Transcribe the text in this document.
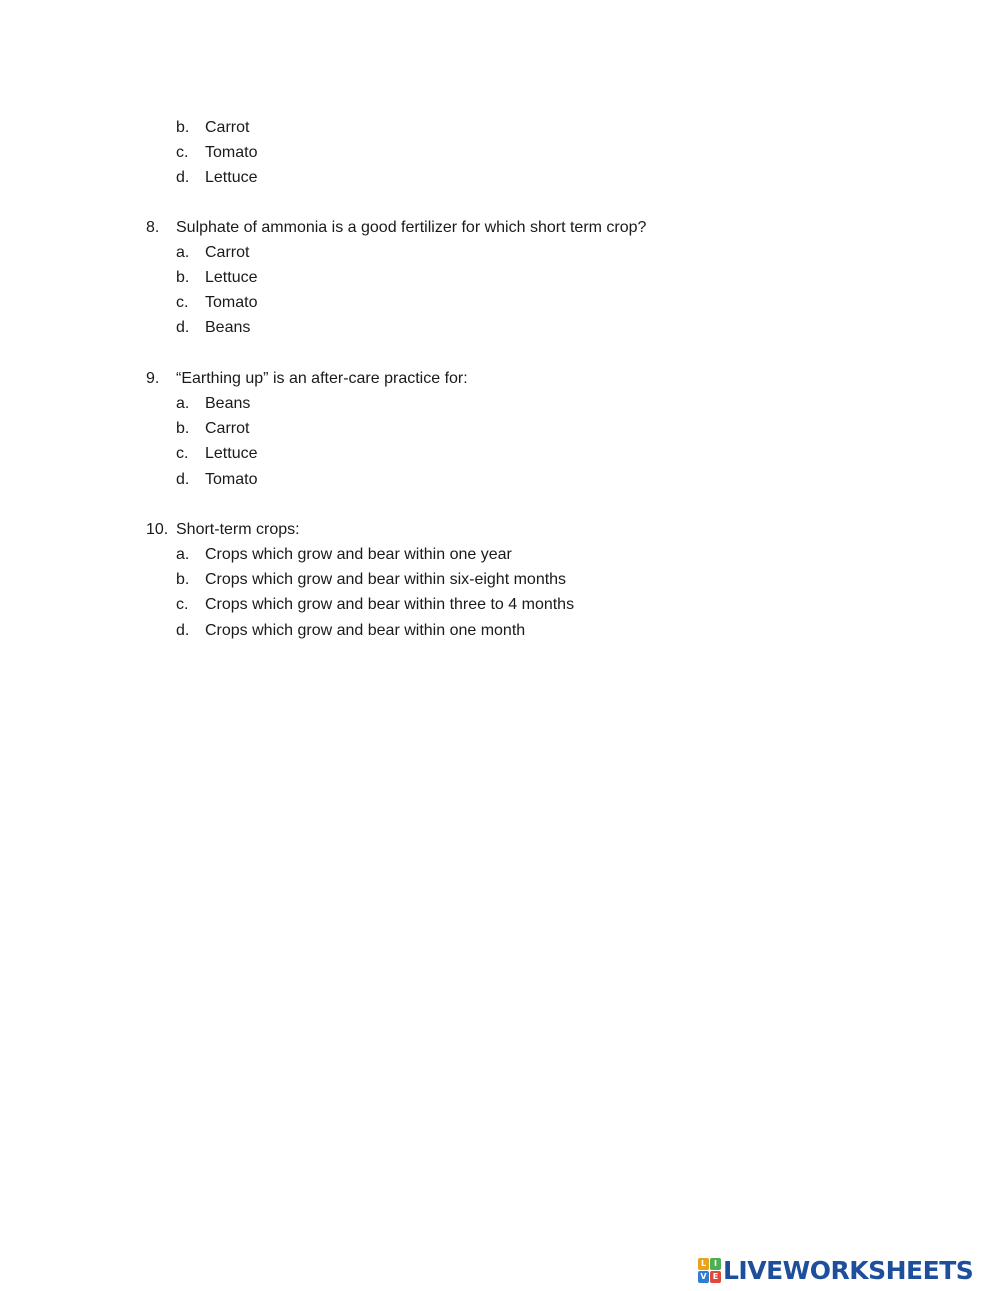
b. Carrot
c. Tomato
d. Lettuce
8. Sulphate of ammonia is a good fertilizer for which short term crop?
a. Carrot
b. Lettuce
c. Tomato
d. Beans
9. “Earthing up” is an after-care practice for:
a. Beans
b. Carrot
c. Lettuce
d. Tomato
10. Short-term crops:
a. Crops which grow and bear within one year
b. Crops which grow and bear within six-eight months
c. Crops which grow and bear within three to 4 months
d. Crops which grow and bear within one month
L I
V E LIVEWORKSHEETS
